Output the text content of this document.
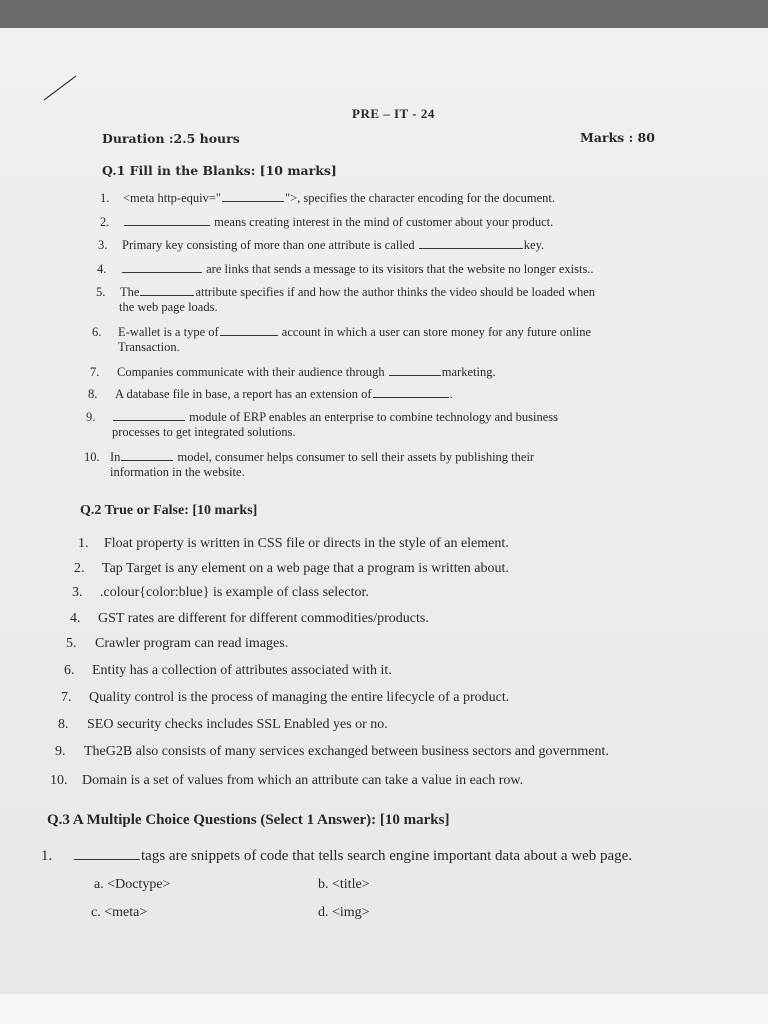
PRE – IT - 24
Duration :2.5 hours	Marks : 80
Q.1 Fill in the Blanks: [10 marks]
1. <meta http-equiv="	">, specifies the character encoding for the document.
2.	means creating interest in the mind of customer about your product.
3. Primary key consisting of more than one attribute is called	key.
4.	are links that sends a message to its visitors that the website no longer exists..
5. The	attribute specifies if and how the author thinks the video should be loaded when
the web page loads.
6. E-wallet is a type of	account in which a user can store money for any future online
Transaction.
7. Companies communicate with their audience through	marketing.
8. A database file in base, a report has an extension of	.
9.	module of ERP enables an enterprise to combine technology and business
processes to get integrated solutions.
10. In	model, consumer helps consumer to sell their assets by publishing their
information in the website.
Q.2 True or False: [10 marks]
1. Float property is written in CSS file or directs in the style of an element.
2. Tap Target is any element on a web page that a program is written about.
3. .colour{color:blue} is example of class selector.
4. GST rates are different for different commodities/products.
5. Crawler program can read images.
6. Entity has a collection of attributes associated with it.
7. Quality control is the process of managing the entire lifecycle of a product.
8. SEO security checks includes SSL Enabled yes or no.
9. TheG2B also consists of many services exchanged between business sectors and government.
10. Domain is a set of values from which an attribute can take a value in each row.
Q.3 A Multiple Choice Questions (Select 1 Answer): [10 marks]
1.	tags are snippets of code that tells search engine important data about a web page.
a. <Doctype>	b. <title>
c. <meta>	d. <img>
